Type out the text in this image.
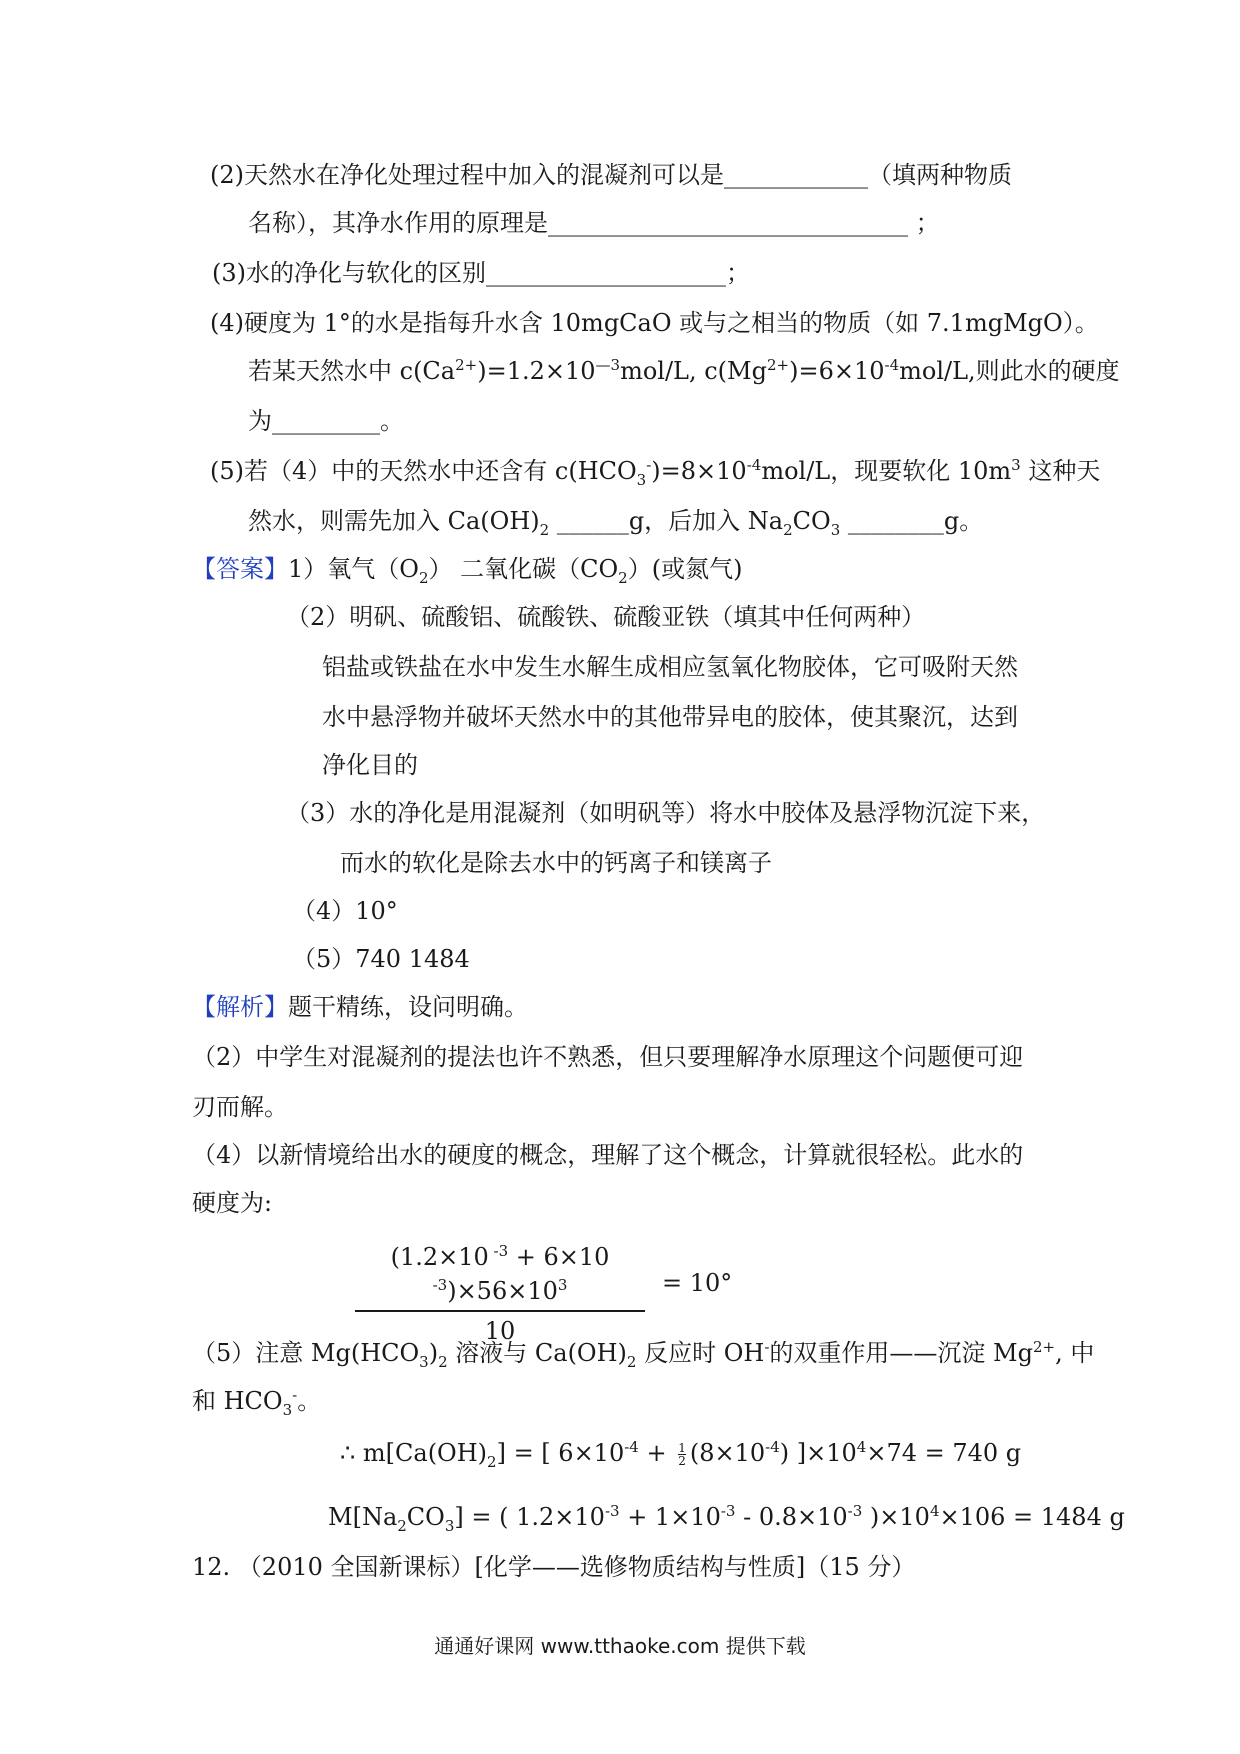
(2)天然水在净化处理过程中加入的混凝剂可以是____________（填两种物质
名称），其净水作用的原理是______________________________ ；
(3)水的净化与软化的区别____________________；
(4)硬度为 1°的水是指每升水含 10mgCaO 或与之相当的物质（如 7.1mgMgO）。
若某天然水中 $c(Ca^{2+})=1.2\times 10^{—3}mol/L$, $c(Mg^{2+})=6\times 10^{-4}mol/L$,则此水的硬度
为_________。
(5)若（4）中的天然水中还含有 $c(HCO_3^-)=8\times 10^{-4}mol/L$，现要软化 $10m^3$ 这种天
然水，则需先加入 $Ca(OH)_2$ ______g，后加入 $Na_2CO_3$ ________g。
【答案】1）氧气$(O_2)$ 二氧化碳$(CO_2)$(或氮气)
（2）明矾、硫酸铝、硫酸铁、硫酸亚铁（填其中任何两种）
铝盐或铁盐在水中发生水解生成相应氢氧化物胶体，它可吸附天然
水中悬浮物并破坏天然水中的其他带异电的胶体，使其聚沉，达到
净化目的
（3）水的净化是用混凝剂（如明矾等）将水中胶体及悬浮物沉淀下来，
而水的软化是除去水中的钙离子和镁离子
（4）10°
（5）740 1484
【解析】题干精练，设问明确。
（2）中学生对混凝剂的提法也许不熟悉，但只要理解净水原理这个问题便可迎
刃而解。
（4）以新情境给出水的硬度的概念，理解了这个概念，计算就很轻松。此水的
硬度为:
(1.2×10 $^{-3}$ + 6×10 $^{-3})\times 56\times 10^3$
10
= 10°
（5）注意 $Mg(HCO_3)_2$ 溶液与 $Ca(OH)_2$ 反应时 OH-的双重作用——沉淀 $Mg^{2+}$, 中
和 $HCO_3^-$。
∴ $m[Ca(OH)_2]$ = [ $6\times 10^{-4} + \frac{1}{2} (8\times 10^{-4}) ]\times 10^4\times 74 = 740$ g
$M[Na_2CO_3]$ = ( $1.2\times 10^{-3} + 1\times 10^{-3} - 0.8\times 10^{-3}$ )$\times 10^4\times 106 = 1484$ g
12. （2010 全国新课标）[化学——选修物质结构与性质]（15 分）
通通好课网 www.tthaoke.com 提供下载
